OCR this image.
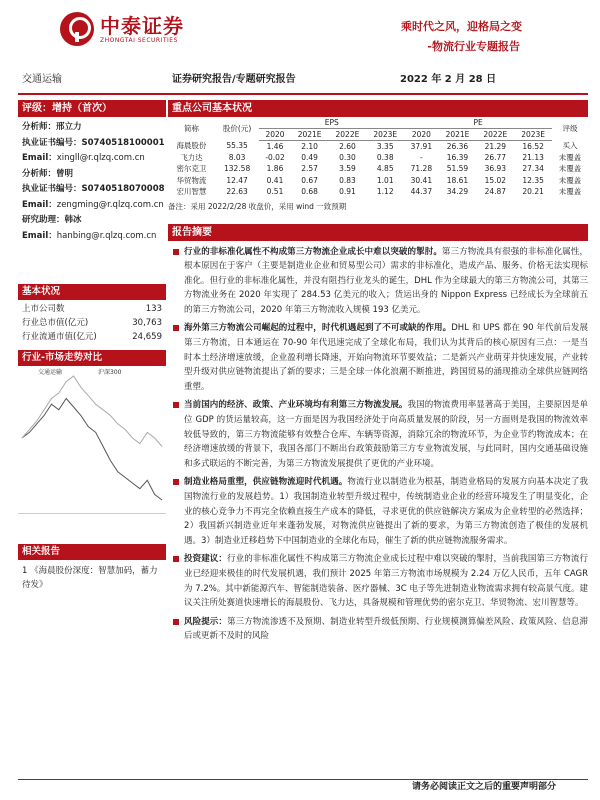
中泰证券
ZHONGTAI SECURITIES
乘时代之风，迎格局之变
-物流行业专题报告
交通运输	证券研究报告/专题研究报告	2022 年 2 月 28 日
评级：增持（首次）
分析师：邢立力
执业证书编号：S0740518100001
Email：xingll@r.qlzq.com.cn
分析师：曾明
执业证书编号：S0740518070008
Email：zengming@r.qlzq.com.cn
研究助理：韩冰
Email：hanbing@r.qlzq.com.cn
基本状况
上市公司数	133
行业总市值(亿元)	30,763
行业流通市值(亿元)	24,659
行业-市场走势对比
交通运输	沪深300
相关报告
1 《海晨股份深度：智慧加码，蓄力待发》
重点公司基本状况
简称	股价(元)	EPS				PE				评级
		2020	2021E	2022E	2023E	2020	2021E	2022E	2023E	
海晨股份	55.35	1.46	2.10	2.60	3.35	37.91	26.36	21.29	16.52	买入
飞力达	8.03	-0.02	0.49	0.30	0.38	-	16.39	26.77	21.13	未覆盖
密尔克卫	132.58	1.86	2.57	3.59	4.85	71.28	51.59	36.93	27.34	未覆盖
华贸物流	12.47	0.41	0.67	0.83	1.01	30.41	18.61	15.02	12.35	未覆盖
宏川智慧	22.63	0.51	0.68	0.91	1.12	44.37	34.29	24.87	20.21	未覆盖
备注：采用 2022/2/28 收盘价，采用 wind 一致预期
报告摘要
行业的非标准化属性不构成第三方物流企业成长中难以突破的掣肘。第三方物流具有很强的非标准化属性，根本原因在于客户（主要是制造业企业和贸易型公司）需求的非标准化，造成产品、服务、价格无法实现标准化。但行业的非标准化属性，并没有阻挡行业龙头的诞生，DHL 作为全球最大的第三方物流公司，其第三方物流业务在 2020 年实现了 284.53 亿美元的收入；货运出身的 Nippon Express 已经成长为全球前五的第三方物流公司，2020 年第三方物流收入规模 193 亿美元。
海外第三方物流公司崛起的过程中，时代机遇起到了不可或缺的作用。DHL 和 UPS 都在 90 年代前后发展第三方物流，日本通运在 70-90 年代迅速完成了全球化布局，我们认为其背后的核心原因有三点：一是当时本土经济增速放缓，企业盈利增长降速，开始向物流环节要效益；二是新兴产业萌芽并快速发展，产业转型升级对供应链物流提出了新的要求；三是全球一体化浪潮不断推进，跨国贸易的涌现推动全球供应链网络重塑。
当前国内的经济、政策、产业环境均有利第三方物流发展。我国的物流费用率显著高于美国，主要原因是单位 GDP 的货运量较高，这一方面是因为我国经济处于向高质量发展的阶段，另一方面则是我国的物流效率较低导致的，第三方物流能够有效整合仓库、车辆等资源，消除冗余的物流环节，为企业节约物流成本；在经济增速放缓的背景下，我国各部门不断出台政策鼓励第三方专业物流发展，与此同时，国内交通基础设施和多式联运的不断完善，为第三方物流发展提供了更优的产业环境。
制造业格局重塑，供应链物流迎时代机遇。物流行业以制造业为根基，制造业格局的发展方向基本决定了我国物流行业的发展趋势。1）我国制造业转型升级过程中，传统制造业企业的经营环境发生了明显变化，企业的核心竞争力不再完全依赖直接生产成本的降低，寻求更优的供应链解决方案成为企业转型的必然选择；2）我国新兴制造业近年来蓬勃发展，对物流供应链提出了新的要求，为第三方物流创造了极佳的发展机遇。3）制造业迁移趋势下中国制造业的全球化布局，催生了新的供应链物流服务需求。
投资建议：行业的非标准化属性不构成第三方物流企业成长过程中难以突破的掣肘，当前我国第三方物流行业已经迎来极佳的时代发展机遇，我们预计 2025 年第三方物流市场规模为 2.24 万亿人民币，五年 CAGR 为 7.2%。其中新能源汽车、智能制造装备、医疗器械、3C 电子等先进制造业物流需求拥有较高景气度。建议关注所处赛道快速增长的海晨股份、飞力达，具备规模和管理优势的密尔克卫、华贸物流、宏川智慧等。
风险提示：第三方物流渗透不及预期、制造业转型升级低预期、行业规模测算偏差风险、政策风险、信息滞后或更新不及时的风险
请务必阅读正文之后的重要声明部分
